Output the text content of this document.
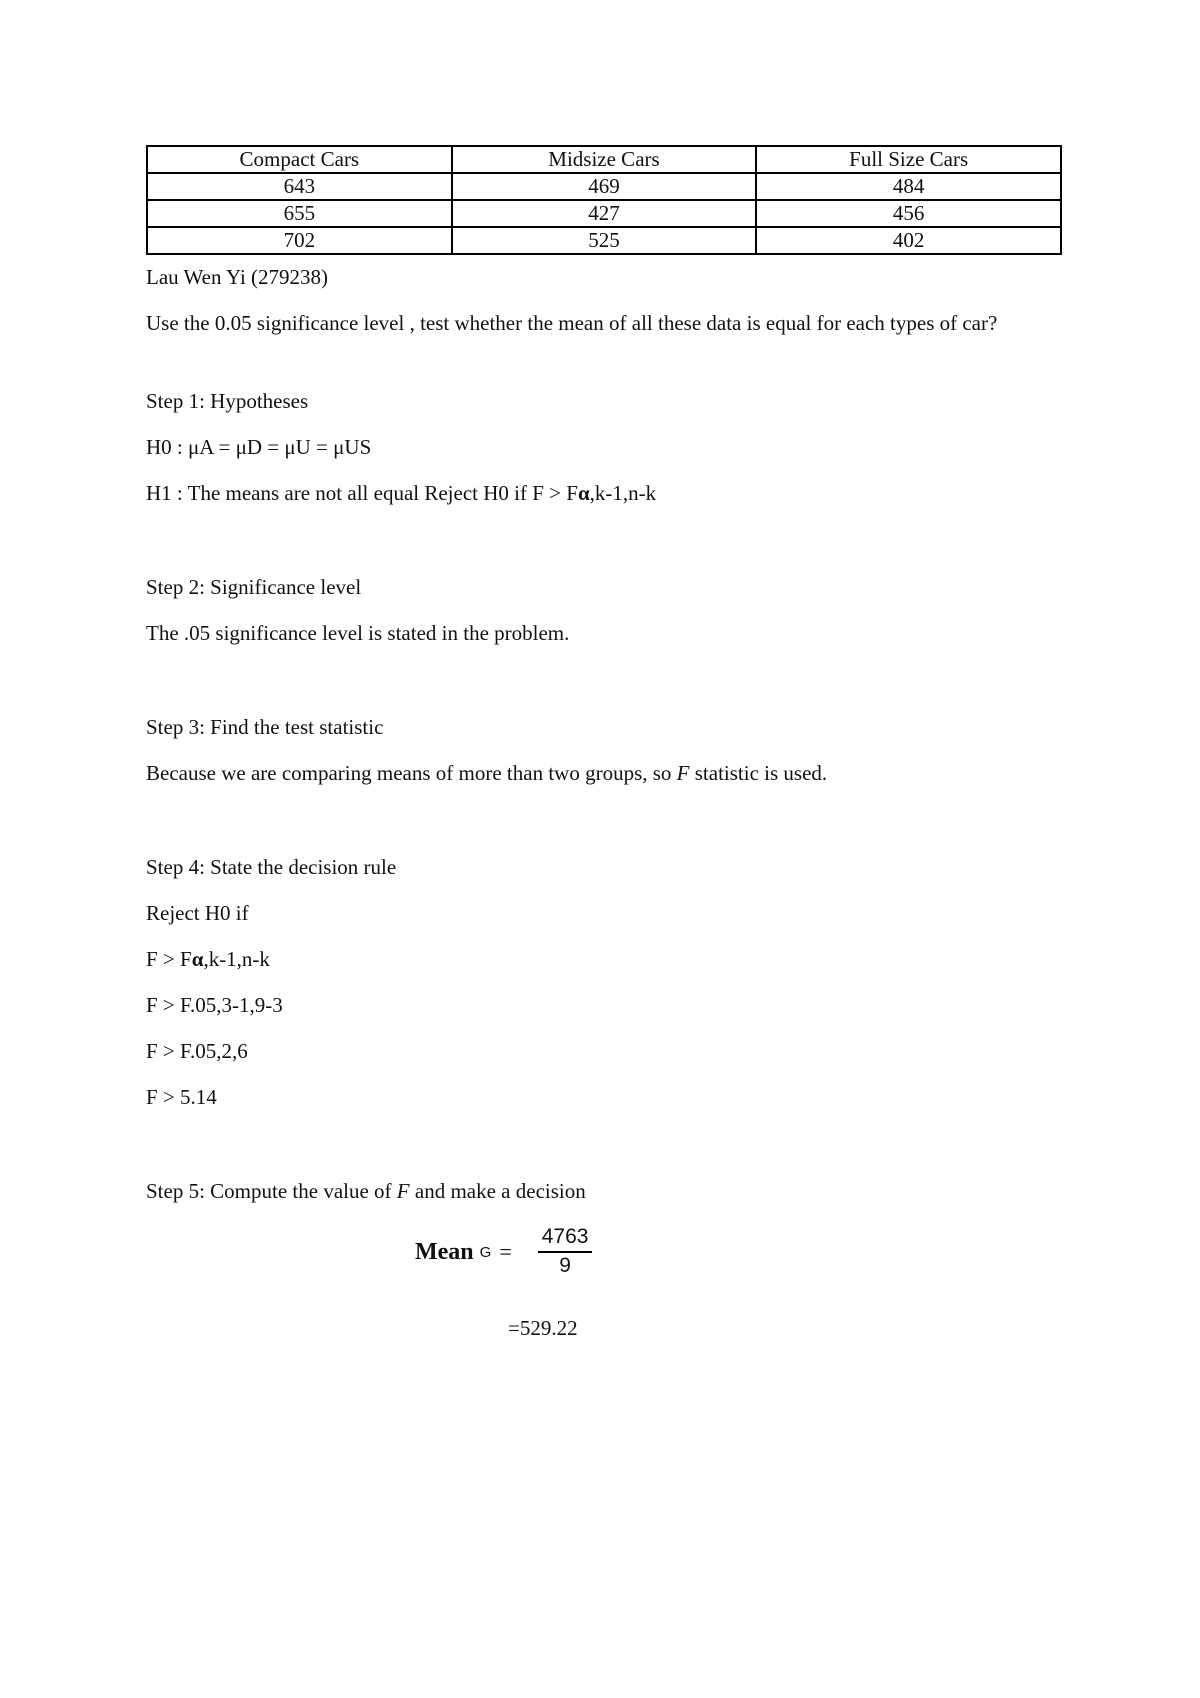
Compact Cars	Midsize Cars	Full Size Cars
643	469	484
655	427	456
702	525	402
Lau Wen Yi (279238)
Use the 0.05 significance level , test whether the mean of all these data is equal for each types of car?
Step 1: Hypotheses
H0 : μA = μD = μU = μUS
H1 : The means are not all equal Reject H0 if F > Fα,k-1,n-k
Step 2: Significance level
The .05 significance level is stated in the problem.
Step 3: Find the test statistic
Because we are comparing means of more than two groups, so F statistic is used.
Step 4: State the decision rule
Reject H0 if
F > Fα,k-1,n-k
F > F.05,3-1,9-3
F > F.05,2,6
F > 5.14
Step 5: Compute the value of F and make a decision
Mean $G = \frac{4763}{9}$
=529.22
